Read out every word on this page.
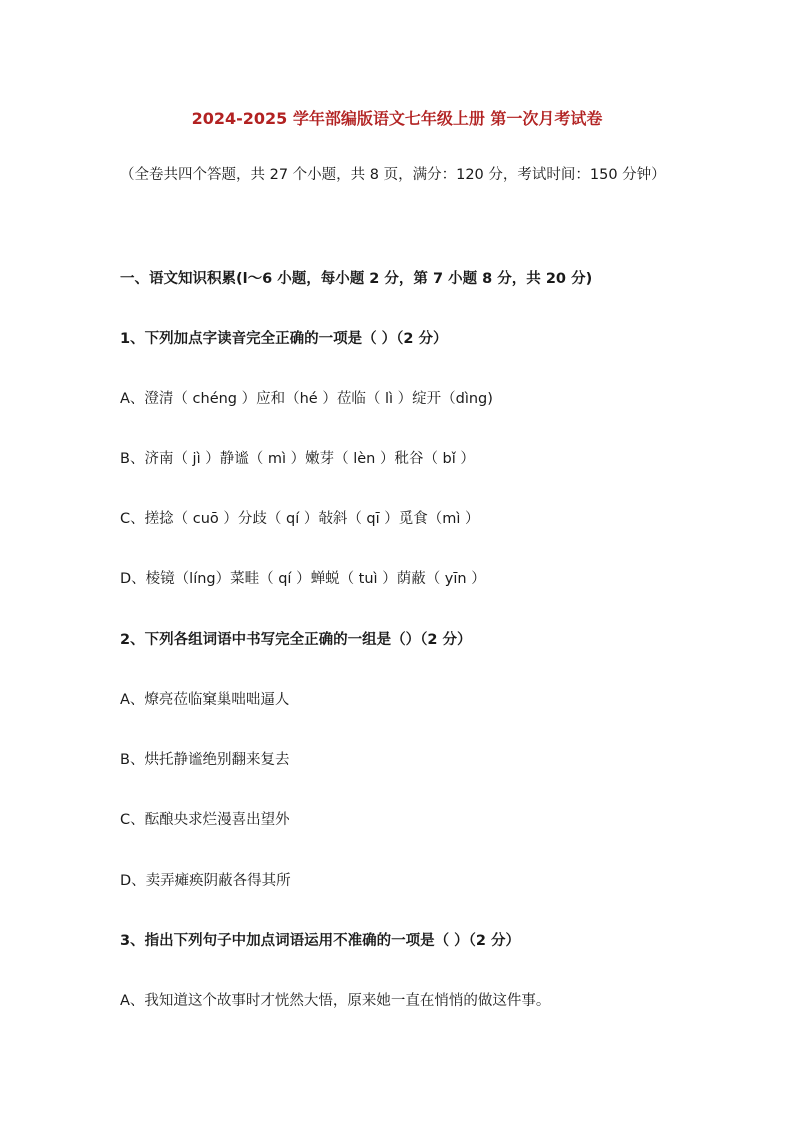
2024-2025 学年部编版语文七年级上册 第一次月考试卷
（全卷共四个答题，共 27 个小题，共 8 页，满分：120 分，考试时间：150 分钟）
一、语文知识积累(l～6 小题，每小题 2 分，第 7 小题 8 分，共 20 分)
1、下列加点字读音完全正确的一项是（ ）（2 分）
A、澄清（ chéng ）应和（hé ）莅临（ lì ）绽开（dìng)
B、济南（ jì ）静谧（ mì ）嫩芽（ lèn ）秕谷（ bǐ ）
C、搓捻（ cuō ）分歧（ qí ）敧斜（ qī ）觅食（mì ）
D、棱镜（líng）菜畦（ qí ）蝉蜕（ tuì ）荫蔽（ yīn ）
2、下列各组词语中书写完全正确的一组是（）（2 分）
A、燎亮莅临窠巢咄咄逼人
B、烘托静谧绝别翻来复去
C、酝酿央求烂漫喜出望外
D、卖弄瘫痪阴蔽各得其所
3、指出下列句子中加点词语运用不准确的一项是（ ）（2 分）
A、我知道这个故事时才恍然大悟，原来她一直在悄悄的做这件事。
